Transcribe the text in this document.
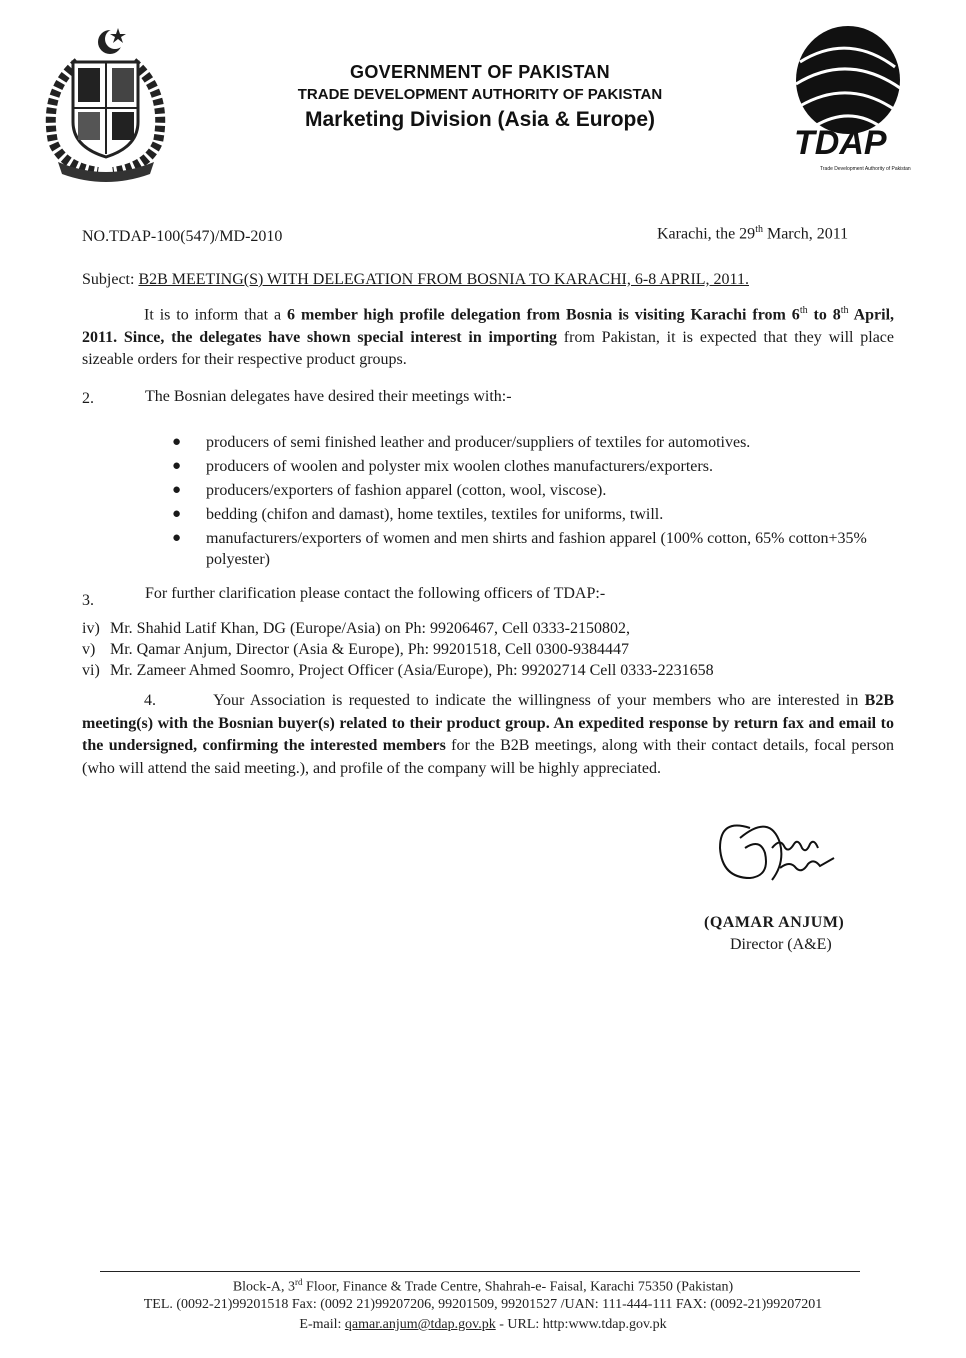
GOVERNMENT OF PAKISTAN
TRADE DEVELOPMENT AUTHORITY OF PAKISTAN
Marketing Division (Asia & Europe)
TDAP
Trade Development Authority of Pakistan
NO.TDAP-100(547)/MD-2010	Karachi, the 29th March, 2011
Subject: B2B MEETING(S) WITH DELEGATION FROM BOSNIA TO KARACHI, 6-8 APRIL, 2011.
It is to inform that a 6 member high profile delegation from Bosnia is visiting Karachi from 6th to 8th April, 2011. Since, the delegates have shown special interest in importing from Pakistan, it is expected that they will place sizeable orders for their respective product groups.
2.	The Bosnian delegates have desired their meetings with:-
● producers of semi finished leather and producer/suppliers of textiles for automotives.
● producers of woolen and polyster mix woolen clothes manufacturers/exporters.
● producers/exporters of fashion apparel (cotton, wool, viscose).
● bedding (chifon and damast), home textiles, textiles for uniforms, twill.
● manufacturers/exporters of women and men shirts and fashion apparel (100% cotton, 65% cotton+35% polyester)
3.	For further clarification please contact the following officers of TDAP:-
iv) Mr. Shahid Latif Khan, DG (Europe/Asia) on Ph: 99206467, Cell 0333-2150802,
v) Mr. Qamar Anjum, Director (Asia & Europe), Ph: 99201518, Cell 0300-9384447
vi) Mr. Zameer Ahmed Soomro, Project Officer (Asia/Europe), Ph: 99202714 Cell 0333-2231658
4.	Your Association is requested to indicate the willingness of your members who are interested in B2B meeting(s) with the Bosnian buyer(s) related to their product group. An expedited response by return fax and email to the undersigned, confirming the interested members for the B2B meetings, along with their contact details, focal person (who will attend the said meeting.), and profile of the company will be highly appreciated.
(QAMAR ANJUM)
Director (A&E)
Block-A, 3rd Floor, Finance & Trade Centre, Shahrah-e- Faisal, Karachi 75350 (Pakistan)
TEL. (0092-21)99201518 Fax: (0092 21)99207206, 99201509, 99201527 /UAN: 111-444-111 FAX: (0092-21)99207201
E-mail: qamar.anjum@tdap.gov.pk - URL: http:www.tdap.gov.pk
